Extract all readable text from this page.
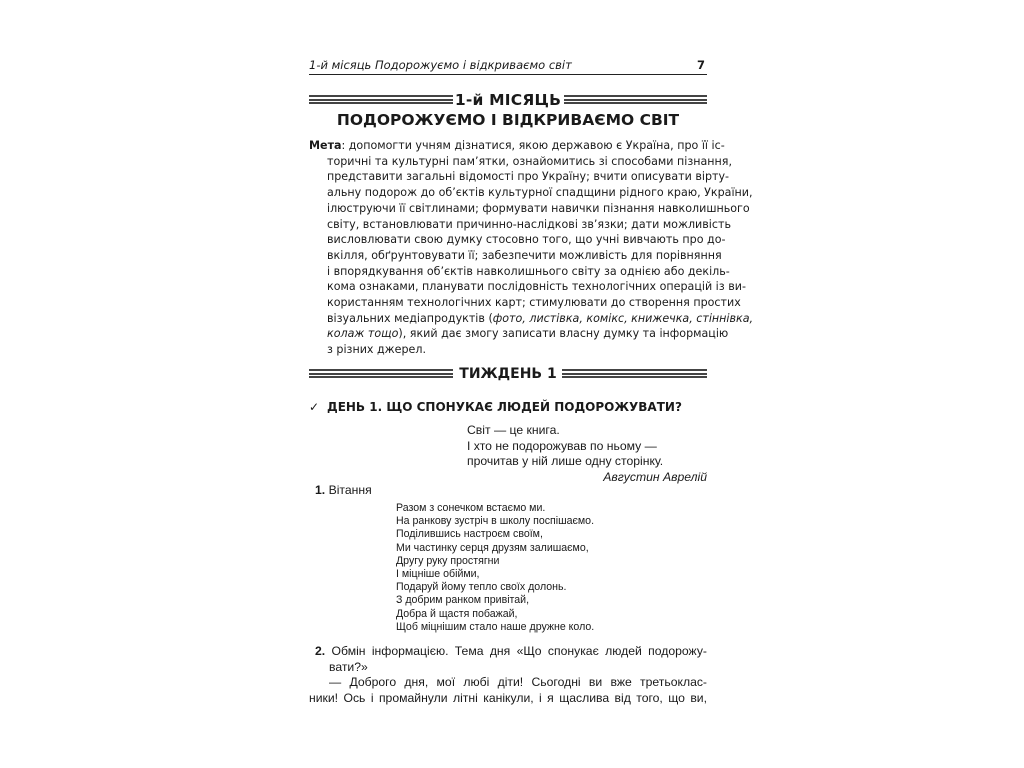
1-й місяць Подорожуємо і відкриваємо світ	7
1-й МІСЯЦЬ
ПОДОРОЖУЄМО І ВІДКРИВАЄМО СВІТ
Мета: допомогти учням дізнатися, якою державою є Україна, про її іс-
торичні та культурні пам’ятки, ознайомитись зі способами пізнання,
представити загальні відомості про Україну; вчити описувати вірту-
альну подорож до об’єктів культурної спадщини рідного краю, України,
ілюструючи її світлинами; формувати навички пізнання навколишнього
світу, встановлювати причинно-наслідкові зв’язки; дати можливість
висловлювати свою думку стосовно того, що учні вивчають про до-
вкілля, обґрунтовувати її; забезпечити можливість для порівняння
і впорядкування об’єктів навколишнього світу за однією або декіль-
кома ознаками, планувати послідовність технологічних операцій із ви-
користанням технологічних карт; стимулювати до створення простих
візуальних медіапродуктів (фото, листівка, комікс, книжечка, стіннівка,
колаж тощо), який дає змогу записати власну думку та інформацію
з різних джерел.
ТИЖДЕНЬ 1
✓ ДЕНЬ 1. ЩО СПОНУКАЄ ЛЮДЕЙ ПОДОРОЖУВАТИ?
Світ — це книга.
І хто не подорожував по ньому —
прочитав у ній лише одну сторінку.
Августин Аврелій
1. Вітання
Разом з сонечком встаємо ми.
На ранкову зустріч в школу поспішаємо.
Поділившись настроєм своїм,
Ми частинку серця друзям залишаємо,
Другу руку простягни
І міцніше обійми,
Подаруй йому тепло своїх долонь.
З добрим ранком привітай,
Добра й щастя побажай,
Щоб міцнішим стало наше дружне коло.
2. Обмін інформацією. Тема дня «Що спонукає людей подорожу-
вати?»
— Доброго дня, мої любі діти! Сьогодні ви вже третьоклас-
ники! Ось і промайнули літні канікули, і я щаслива від того, що ви,
